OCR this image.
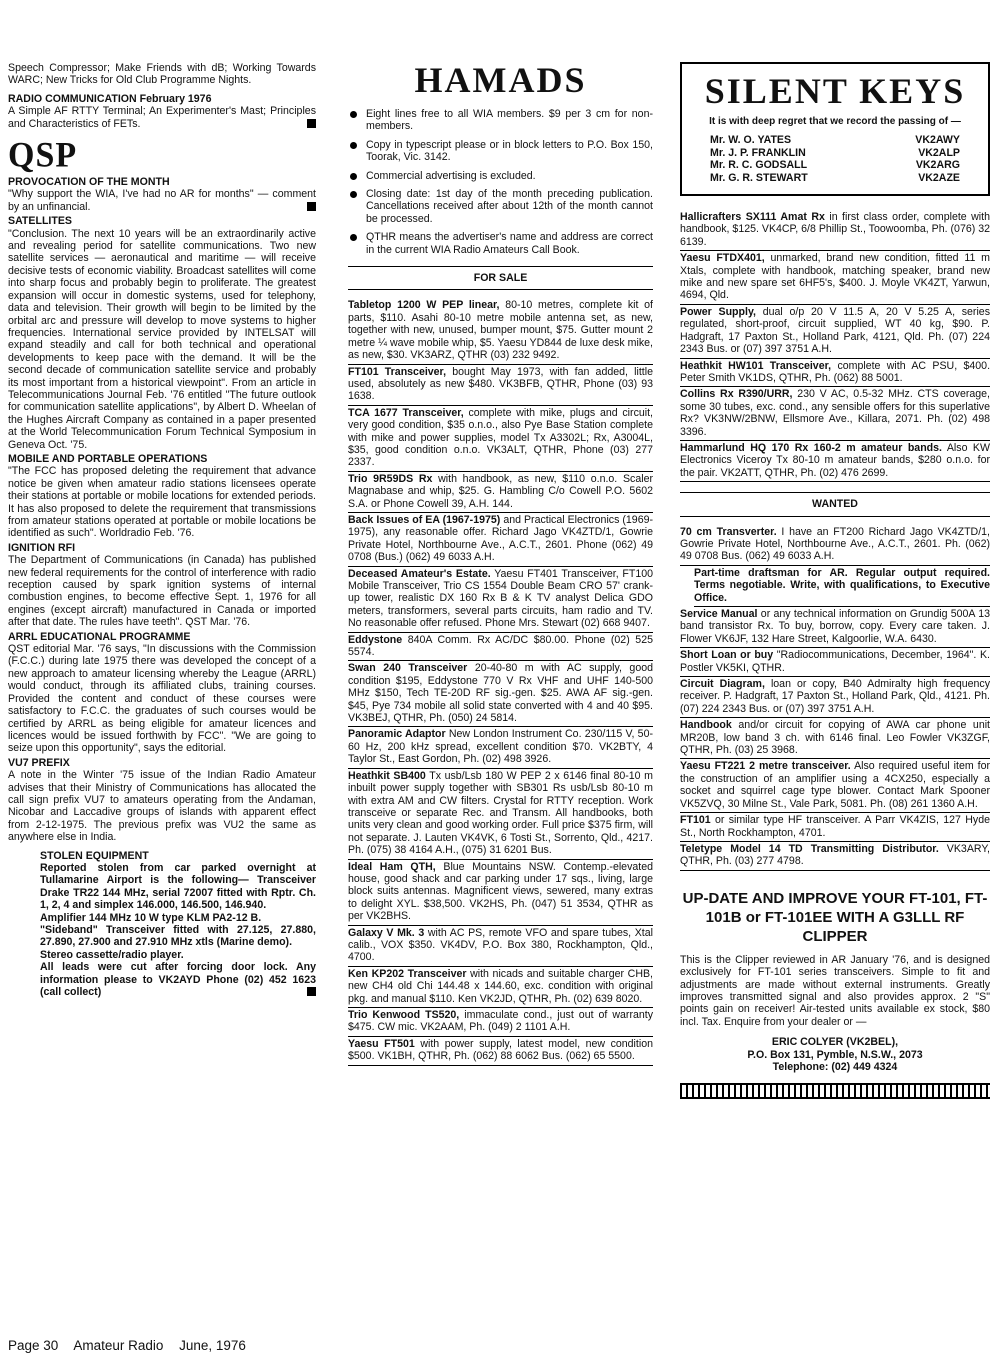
Speech Compressor; Make Friends with dB; Working Towards WARC; New Tricks for Old Club Programme Nights.

RADIO COMMUNICATION February 1976

A Simple AF RTTY Terminal; An Experimenter's Mast; Principles and Characteristics of FETs.

QSP

PROVOCATION OF THE MONTH

"Why support the WIA, I've had no AR for months" — comment by an unfinancial.

SATELLITES

"Conclusion. The next 10 years will be an extraordinarily active and revealing period for satellite communications. Two new satellite services — aeronautical and maritime — will receive decisive tests of economic viability. Broadcast satellites will come into sharp focus and probably begin to proliferate. The greatest expansion will occur in domestic systems, used for telephony, data and television. Their growth will begin to be limited by the orbital arc and pressure will develop to move systems to higher frequencies. International service provided by INTELSAT will expand steadily and call for both technical and operational developments to keep pace with the demand. It will be the second decade of communication satellite service and probably its most important from a historical viewpoint". From an article in Telecommunications Journal Feb. '76 entitled "The future outlook for communication satellite applications", by Albert D. Wheelan of the Hughes Aircraft Company as contained in a paper presented at the World Telecommunication Forum Technical Symposium in Geneva Oct. '75.

MOBILE AND PORTABLE OPERATIONS

"The FCC has proposed deleting the requirement that advance notice be given when amateur radio stations licensees operate their stations at portable or mobile locations for extended periods. It has also proposed to delete the requirement that transmissions from amateur stations operated at portable or mobile locations be identified as such". Worldradio Feb. '76.

IGNITION RFI

The Department of Communications (in Canada) has published new federal requirements for the control of interference with radio reception caused by spark ignition systems of internal combustion engines, to become effective Sept. 1, 1976 for all engines (except aircraft) manufactured in Canada or imported after that date. The rules have teeth". QST Mar. '76.

ARRL EDUCATIONAL PROGRAMME

QST editorial Mar. '76 says, "In discussions with the Commission (F.C.C.) during late 1975 there was developed the concept of a new approach to amateur licensing whereby the League (ARRL) would conduct, through its affiliated clubs, training courses. Provided the content and conduct of these courses were satisfactory to F.C.C. the graduates of such courses would be certified by ARRL as being eligible for amateur licences and licences would be issued forthwith by FCC". "We are going to seize upon this opportunity", says the editorial.

VU7 PREFIX

A note in the Winter '75 issue of the Indian Radio Amateur advises that their Ministry of Communications has allocated the call sign prefix VU7 to amateurs operating from the Andaman, Nicobar and Laccadive groups of islands with apparent effect from 2-12-1975. The previous prefix was VU2 the same as anywhere else in India.

STOLEN EQUIPMENT

Reported stolen from car parked overnight at Tullamarine Airport is the following— Transceiver Drake TR22 144 MHz, serial 72007 fitted with Rptr. Ch. 1, 2, 4 and simplex 146.000, 146.500, 146.940.

Amplifier 144 MHz 10 W type KLM PA2-12 B.

"Sideband" Transceiver fitted with 27.125, 27.880, 27.890, 27.900 and 27.910 MHz xtls (Marine demo).

Stereo cassette/radio player.

All leads were cut after forcing door lock. Any information please to VK2AYD Phone (02) 452 1623 (call collect)

HAMADS
Eight lines free to all WIA members. $9 per 3 cm for non-members.
Copy in typescript please or in block letters to P.O. Box 150, Toorak, Vic. 3142.
Commercial advertising is excluded.
Closing date: 1st day of the month preceding publication. Cancellations received after about 12th of the month cannot be processed.
QTHR means the advertiser's name and address are correct in the current WIA Radio Amateurs Call Book.
FOR SALE
Tabletop 1200 W PEP linear, 80-10 metres, complete kit of parts, $110. Asahi 80-10 metre mobile antenna set, as new, together with new, unused, bumper mount, $75. Gutter mount 2 metre ¼ wave mobile whip, $5. Yaesu YD844 de luxe desk mike, as new, $30. VK3ARZ, QTHR (03) 232 9492.
FT101 Transceiver, bought May 1973, with fan added, little used, absolutely as new $480. VK3BFB, QTHR, Phone (03) 93 1638.
TCA 1677 Transceiver, complete with mike, plugs and circuit, very good condition, $35 o.n.o., also Pye Base Station complete with mike and power supplies, model Tx A3302L; Rx, A3004L, $35, good condition o.n.o. VK3ALT, QTHR, Phone (03) 277 2337.
Trio 9R59DS Rx with handbook, as new, $110 o.n.o. Scaler Magnabase and whip, $25. G. Hambling C/o Cowell P.O. 5602 S.A. or Phone Cowell 39, A.H. 144.
Back Issues of EA (1967-1975) and Practical Electronics (1969-1975), any reasonable offer. Richard Jago VK4ZTD/1, Gowrie Private Hotel, Northbourne Ave., A.C.T., 2601. Phone (062) 49 0708 (Bus.) (062) 49 6033 A.H.
Deceased Amateur's Estate. Yaesu FT401 Transceiver, FT100 Mobile Transceiver, Trio CS 1554 Double Beam CRO 57' crank-up tower, realistic DX 160 Rx B & K TV analyst Delica GDO meters, transformers, several parts circuits, ham radio and TV. No reasonable offer refused. Phone Mrs. Stewart (02) 668 9407.
Eddystone 840A Comm. Rx AC/DC $80.00. Phone (02) 525 5574.
Swan 240 Transceiver 20-40-80 m with AC supply, good condition $195, Eddystone 770 V Rx VHF and UHF 140-500 MHz $150, Tech TE-20D RF sig.-gen. $25. AWA AF sig.-gen. $45, Pye 734 mobile all solid state converted with 4 and 40 $95. VK3BEJ, QTHR, Ph. (050) 24 5814.
Panoramic Adaptor New London Instrument Co. 230/115 V, 50-60 Hz, 200 kHz spread, excellent condition $70. VK2BTY, 4 Taylor St., East Gordon, Ph. (02) 498 3926.
Heathkit SB400 Tx usb/Lsb 180 W PEP 2 x 6146 final 80-10 m inbuilt power supply together with SB301 Rs usb/Lsb 80-10 m with extra AM and CW filters. Crystal for RTTY reception. Work transceive or separate Rec. and Transm. All handbooks, both units very clean and good working order. Full price $375 firm, will not separate. J. Lauten VK4VK, 6 Tosti St., Sorrento, Qld., 4217. Ph. (075) 38 4164 A.H., (075) 31 6201 Bus.
Ideal Ham QTH, Blue Mountains NSW. Contemp.-elevated house, good shack and car parking under 17 sqs., living, large block suits antennas. Magnificent views, sewered, many extras to delight XYL. $38,500. VK2HS, Ph. (047) 51 3534, QTHR as per VK2BHS.
Galaxy V Mk. 3 with AC PS, remote VFO and spare tubes, Xtal calib., VOX $350. VK4DV, P.O. Box 380, Rockhampton, Qld., 4700.
Ken KP202 Transceiver with nicads and suitable charger CHB, new CH4 old Chi 144.48 x 144.60, exc. condition with original pkg. and manual $110. Ken VK2JD, QTHR, Ph. (02) 639 8020.
Trio Kenwood TS520, immaculate cond., just out of warranty $475. CW mic. VK2AAM, Ph. (049) 2 1101 A.H.
Yaesu FT501 with power supply, latest model, new condition $500. VK1BH, QTHR, Ph. (062) 88 6062 Bus. (062) 65 5500.
SILENT KEYS
It is with deep regret that we record the passing of —
Mr. W. O. YATES	VK2AWY
Mr. J. P. FRANKLIN	VK2ALP
Mr. R. C. GODSALL	VK2ARG
Mr. G. R. STEWART	VK2AZE
Hallicrafters SX111 Amat Rx in first class order, complete with handbook, $125. VK4CP, 6/8 Phillip St., Toowoomba, Ph. (076) 32 6139.
Yaesu FTDX401, unmarked, brand new condition, fitted 11 m Xtals, complete with handbook, matching speaker, brand new mike and new spare set 6HF5's, $400. J. Moyle VK4ZT, Yarwun, 4694, Qld.
Power Supply, dual o/p 20 V 11.5 A, 20 V 5.25 A, series regulated, short-proof, circuit supplied, WT 40 kg, $90. P. Hadgraft, 17 Paxton St., Holland Park, 4121, Qld. Ph. (07) 224 2343 Bus. or (07) 397 3751 A.H.
Heathkit HW101 Transceiver, complete with AC PSU, $400. Peter Smith VK1DS, QTHR, Ph. (062) 88 5001.
Collins Rx R390/URR, 230 V AC, 0.5-32 MHz. CTS coverage, some 30 tubes, exc. cond., any sensible offers for this superlative Rx? VK3NW/2BNW, Ellsmore Ave., Killara, 2071. Ph. (02) 498 3396.
Hammarlund HQ 170 Rx 160-2 m amateur bands. Also KW Electronics Viceroy Tx 80-10 m amateur bands, $280 o.n.o. for the pair. VK2ATT, QTHR, Ph. (02) 476 2699.
WANTED
70 cm Transverter. I have an FT200 Richard Jago VK4ZTD/1, Gowrie Private Hotel, Northbourne Ave., A.C.T., 2601. Ph. (062) 49 0708 Bus. (062) 49 6033 A.H.
Part-time draftsman for AR. Regular output required. Terms negotiable. Write, with qualifications, to Executive Office.
Service Manual or any technical information on Grundig 500A 13 band transistor Rx. To buy, borrow, copy. Every care taken. J. Flower VK6JF, 132 Hare Street, Kalgoorlie, W.A. 6430.
Short Loan or buy "Radiocommunications, December, 1964". K. Postler VK5KI, QTHR.
Circuit Diagram, loan or copy, B40 Admiralty high frequency receiver. P. Hadgraft, 17 Paxton St., Holland Park, Qld., 4121. Ph. (07) 224 2343 Bus. or (07) 397 3751 A.H.
Handbook and/or circuit for copying of AWA car phone unit MR20B, low band 3 ch. with 6146 final. Leo Fowler VK3ZGF, QTHR, Ph. (03) 25 3968.
Yaesu FT221 2 metre transceiver. Also required useful item for the construction of an amplifier using a 4CX250, especially a socket and squirrel cage type blower. Contact Mark Spooner VK5ZVQ, 30 Milne St., Vale Park, 5081. Ph. (08) 261 1360 A.H.
FT101 or similar type HF transceiver. A Parr VK4ZIS, 127 Hyde St., North Rockhampton, 4701.
Teletype Model 14 TD Transmitting Distributor. VK3ARY, QTHR, Ph. (03) 277 4798.
UP-DATE AND IMPROVE YOUR FT-101, FT-101B or FT-101EE WITH A G3LLL RF CLIPPER

This is the Clipper reviewed in AR January '76, and is designed exclusively for FT-101 series transceivers. Simple to fit and adjustments are made without external instruments. Greatly improves transmitted signal and also provides approx. 2 "S" points gain on receiver! Air-tested units available ex stock, $80 incl. Tax. Enquire from your dealer or —

ERIC COLYER (VK2BEL),
P.O. Box 131, Pymble, N.S.W., 2073
Telephone: (02) 449 4324
Page 30 Amateur Radio June, 1976
